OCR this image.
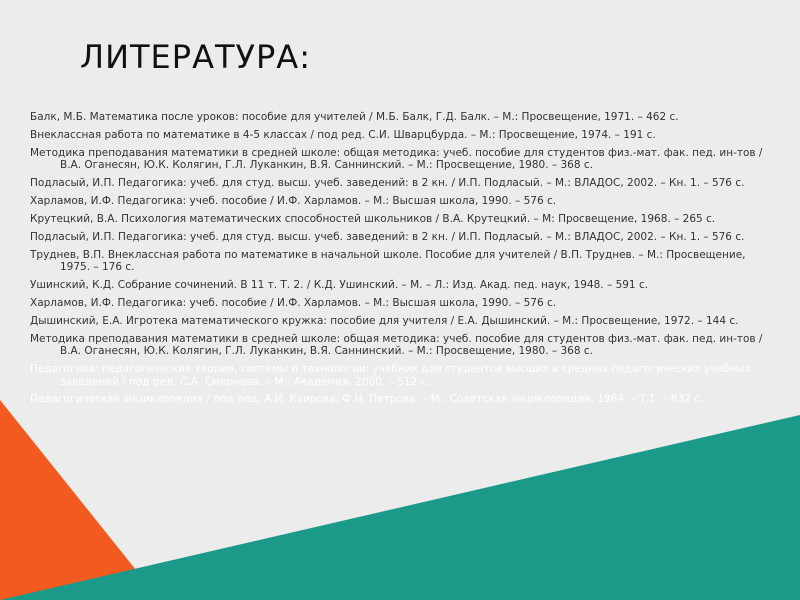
ЛИТЕРАТУРА:
Балк, М.Б. Математика после уроков: пособие для учителей / М.Б. Балк, Г.Д. Балк. – М.: Просвещение, 1971. – 462 с.
Внеклассная работа по математике в 4-5 классах / под ред. С.И. Шварцбурда. – М.: Просвещение, 1974. – 191 с.
Методика преподавания математики в средней школе: общая методика: учеб. пособие для студентов физ.-мат. фак. пед. ин-тов / В.А. Оганесян, Ю.К. Колягин, Г.Л. Луканкин, В.Я. Саннинский. – М.: Просвещение, 1980. – 368 с.
Подласый, И.П. Педагогика: учеб. для студ. высш. учеб. заведений: в 2 кн. / И.П. Подласый. – М.: ВЛАДОС, 2002. – Кн. 1. – 576 с.
Харламов, И.Ф. Педагогика: учеб. пособие / И.Ф. Харламов. – М.: Высшая школа, 1990. – 576 с.
Крутецкий, В.А. Психология математических способностей школьников / В.А. Крутецкий. – М: Просвещение, 1968. – 265 с.
Подласый, И.П. Педагогика: учеб. для студ. высш. учеб. заведений: в 2 кн. / И.П. Подласый. – М.: ВЛАДОС, 2002. – Кн. 1. – 576 с.
Труднев, В.П. Внеклассная работа по математике в начальной школе. Пособие для учителей / В.П. Труднев. – М.: Просвещение, 1975. – 176 с.
Ушинский, К.Д. Собрание сочинений. В 11 т. Т. 2. / К.Д. Ушинский. – М. – Л.: Изд. Акад. пед. наук, 1948. – 591 с.
Харламов, И.Ф. Педагогика: учеб. пособие / И.Ф. Харламов. – М.: Высшая школа, 1990. – 576 с.
Дышинский, Е.А. Игротека математического кружка: пособие для учителя / Е.А. Дышинский. – М.: Просвещение, 1972. – 144 с.
Методика преподавания математики в средней школе: общая методика: учеб. пособие для студентов физ.-мат. фак. пед. ин-тов / В.А. Оганесян, Ю.К. Колягин, Г.Л. Луканкин, В.Я. Саннинский. – М.: Просвещение, 1980. – 368 с.
Педагогика: педагогические теории, системы и технологии: учебник для студентов высших и средних педагогических учебных заведений / под ред. С.А. Смирнова. – М.: Академия, 2000. – 512 с.
Педагогическая энциклопедия / под ред. А.И. Каирова, Ф.Н. Петрова. – М.: Советская энциклопедия, 1964. – Т.1. – 832 с.
